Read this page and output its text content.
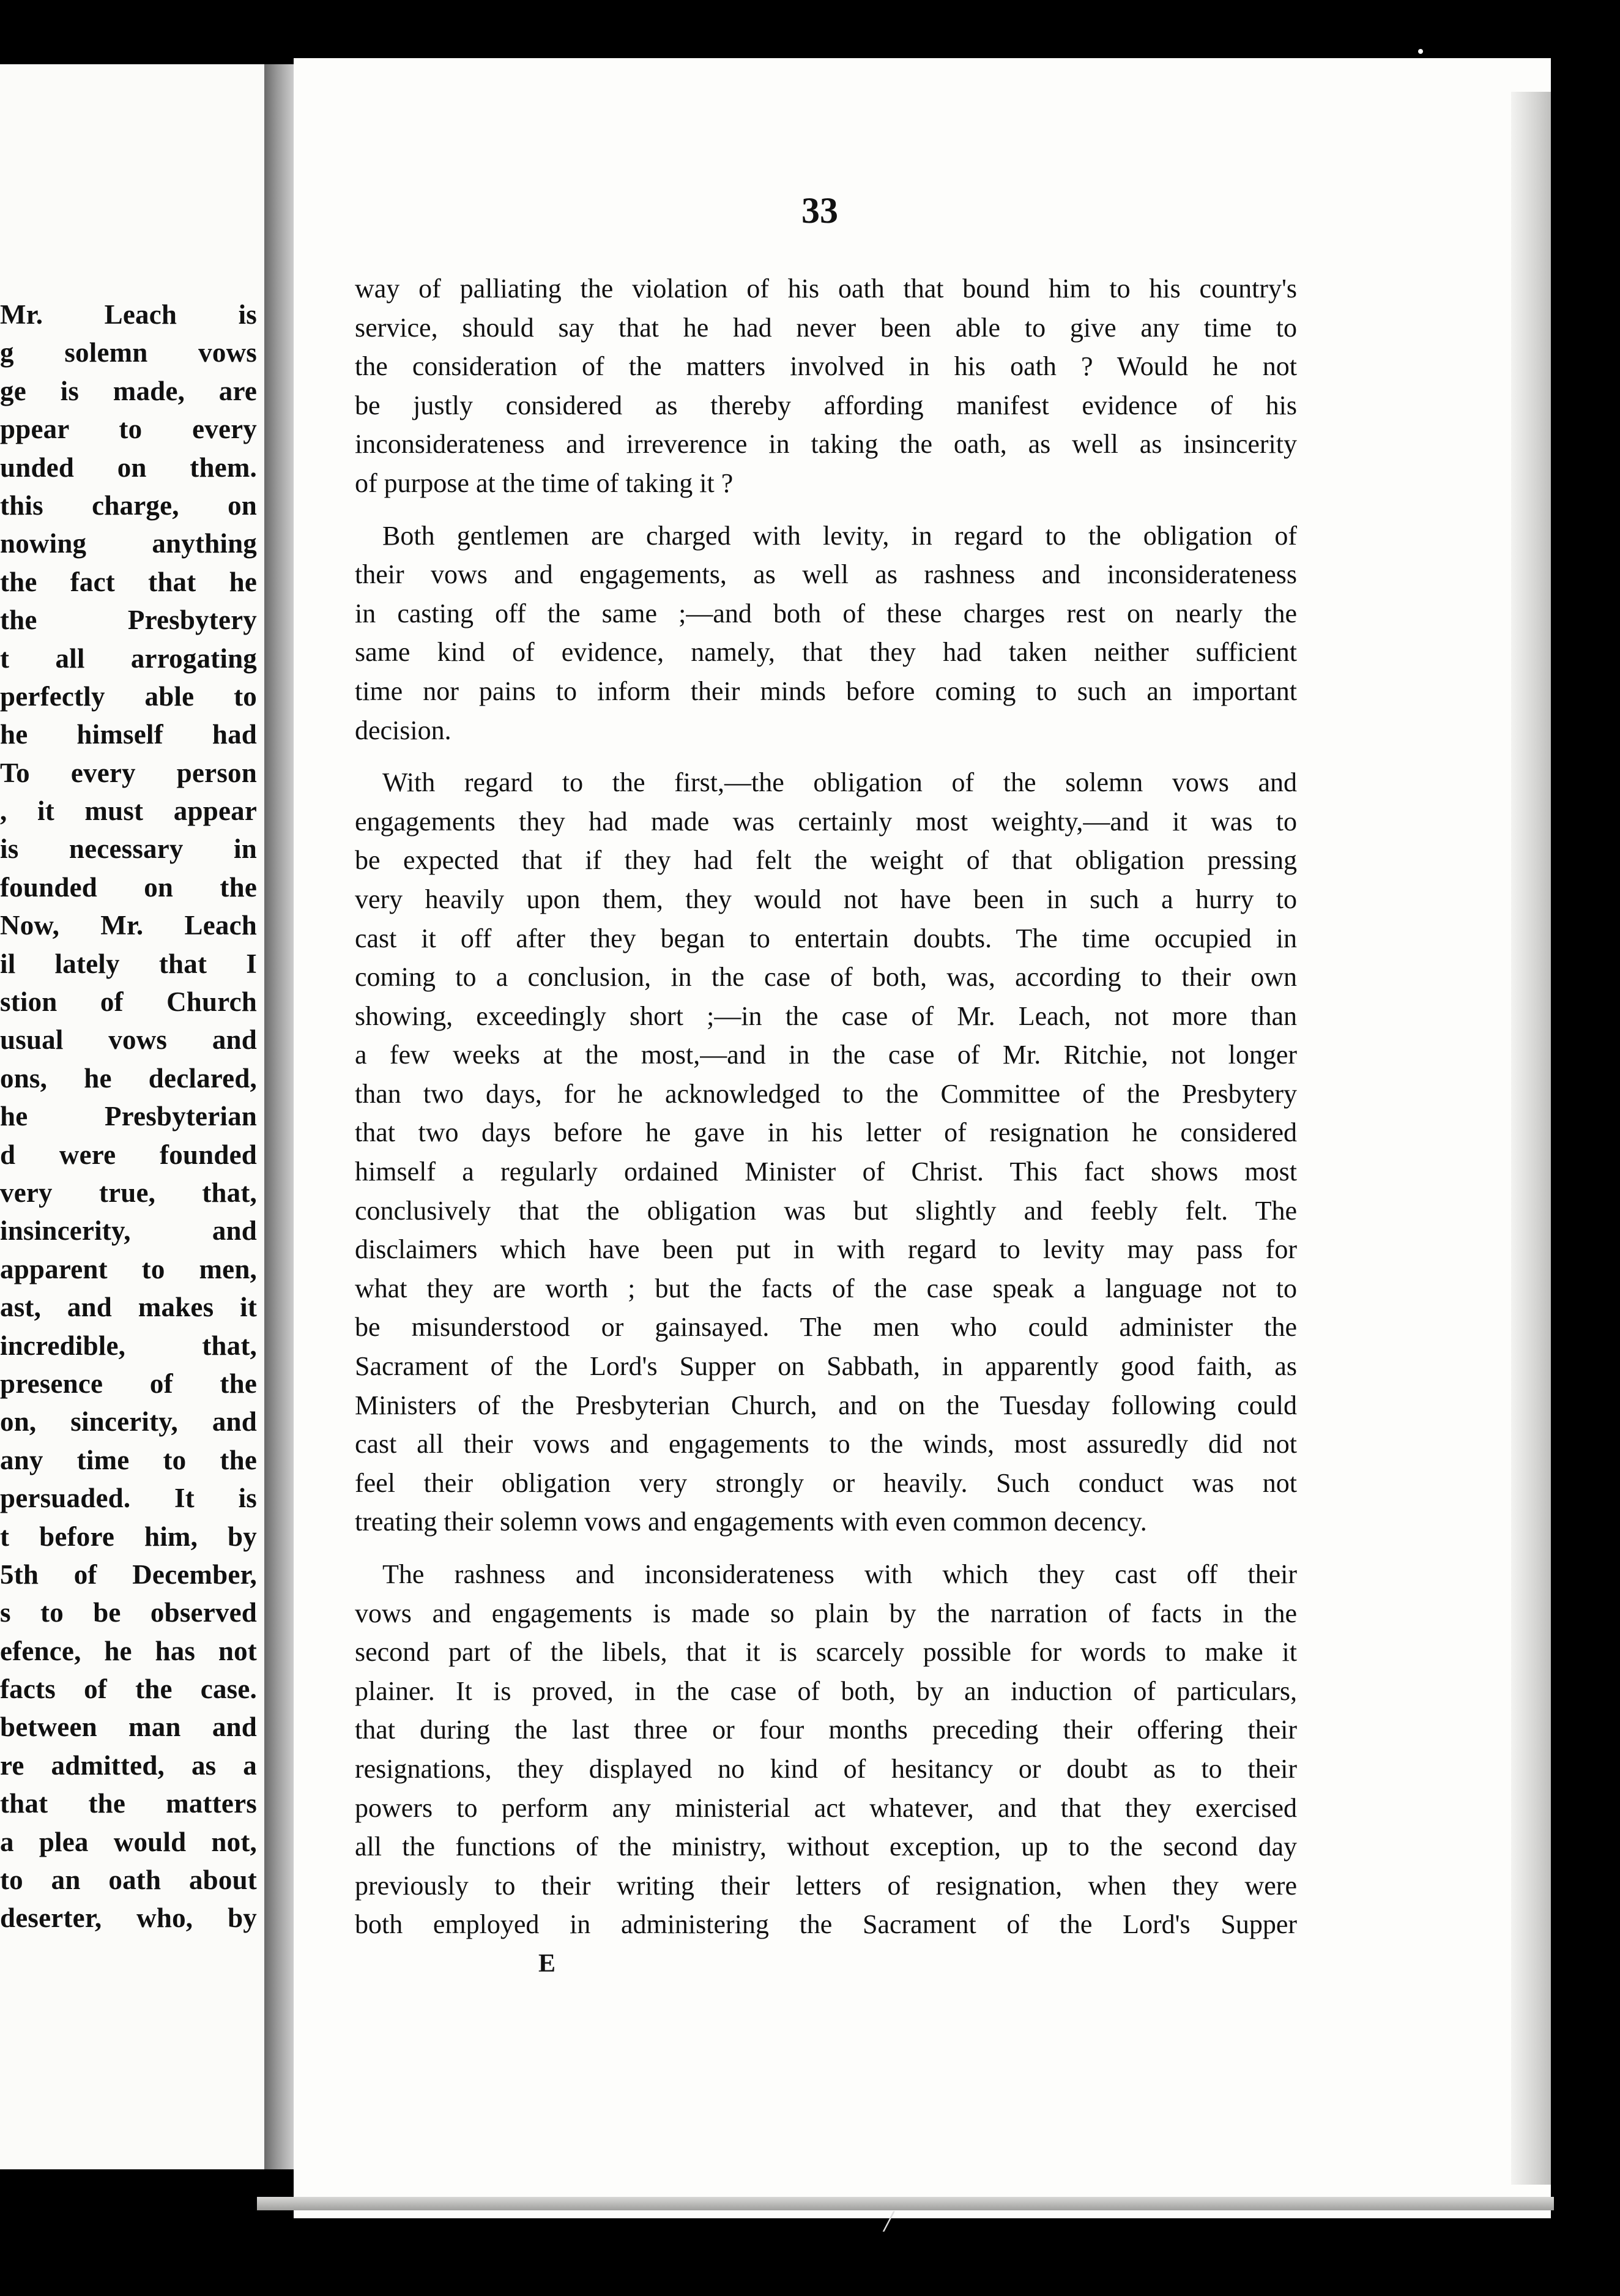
Mr. Leach is
g solemn vows
ge is made, are
ppear to every
unded on them.
this charge, on
nowing anything
the fact that he
the Presbytery
t all arrogating
perfectly able to
he himself had
To every person
, it must appear
is necessary in
founded on the
Now, Mr. Leach
il lately that I
stion of Church
usual vows and
ons, he declared,
he Presbyterian
d were founded
very true, that,
insincerity, and
apparent to men,
ast, and makes it
incredible, that,
presence of the
on, sincerity, and
any time to the
persuaded. It is
t before him, by
5th of December,
s to be observed
efence, he has not
facts of the case.
between man and
re admitted, as a
that the matters
a plea would not,
to an oath about
deserter, who, by
33
way of palliating the violation of his oath that bound him to his country's
service, should say that he had never been able to give any time to
the consideration of the matters involved in his oath ? Would he not
be justly considered as thereby affording manifest evidence of his
inconsiderateness and irreverence in taking the oath, as well as insincerity
of purpose at the time of taking it ?
Both gentlemen are charged with levity, in regard to the obligation of
their vows and engagements, as well as rashness and inconsiderateness
in casting off the same ;—and both of these charges rest on nearly the
same kind of evidence, namely, that they had taken neither sufficient
time nor pains to inform their minds before coming to such an important
decision.
With regard to the first,—the obligation of the solemn vows and
engagements they had made was certainly most weighty,—and it was to
be expected that if they had felt the weight of that obligation pressing
very heavily upon them, they would not have been in such a hurry to
cast it off after they began to entertain doubts. The time occupied in
coming to a conclusion, in the case of both, was, according to their own
showing, exceedingly short ;—in the case of Mr. Leach, not more than
a few weeks at the most,—and in the case of Mr. Ritchie, not longer
than two days, for he acknowledged to the Committee of the Presbytery
that two days before he gave in his letter of resignation he considered
himself a regularly ordained Minister of Christ. This fact shows most
conclusively that the obligation was but slightly and feebly felt. The
disclaimers which have been put in with regard to levity may pass for
what they are worth ; but the facts of the case speak a language not to
be misunderstood or gainsayed. The men who could administer the
Sacrament of the Lord's Supper on Sabbath, in apparently good faith, as
Ministers of the Presbyterian Church, and on the Tuesday following could
cast all their vows and engagements to the winds, most assuredly did not
feel their obligation very strongly or heavily. Such conduct was not
treating their solemn vows and engagements with even common decency.
The rashness and inconsiderateness with which they cast off their
vows and engagements is made so plain by the narration of facts in the
second part of the libels, that it is scarcely possible for words to make it
plainer. It is proved, in the case of both, by an induction of particulars,
that during the last three or four months preceding their offering their
resignations, they displayed no kind of hesitancy or doubt as to their
powers to perform any ministerial act whatever, and that they exercised
all the functions of the ministry, without exception, up to the second day
previously to their writing their letters of resignation, when they were
both employed in administering the Sacrament of the Lord's Supper
E
/
